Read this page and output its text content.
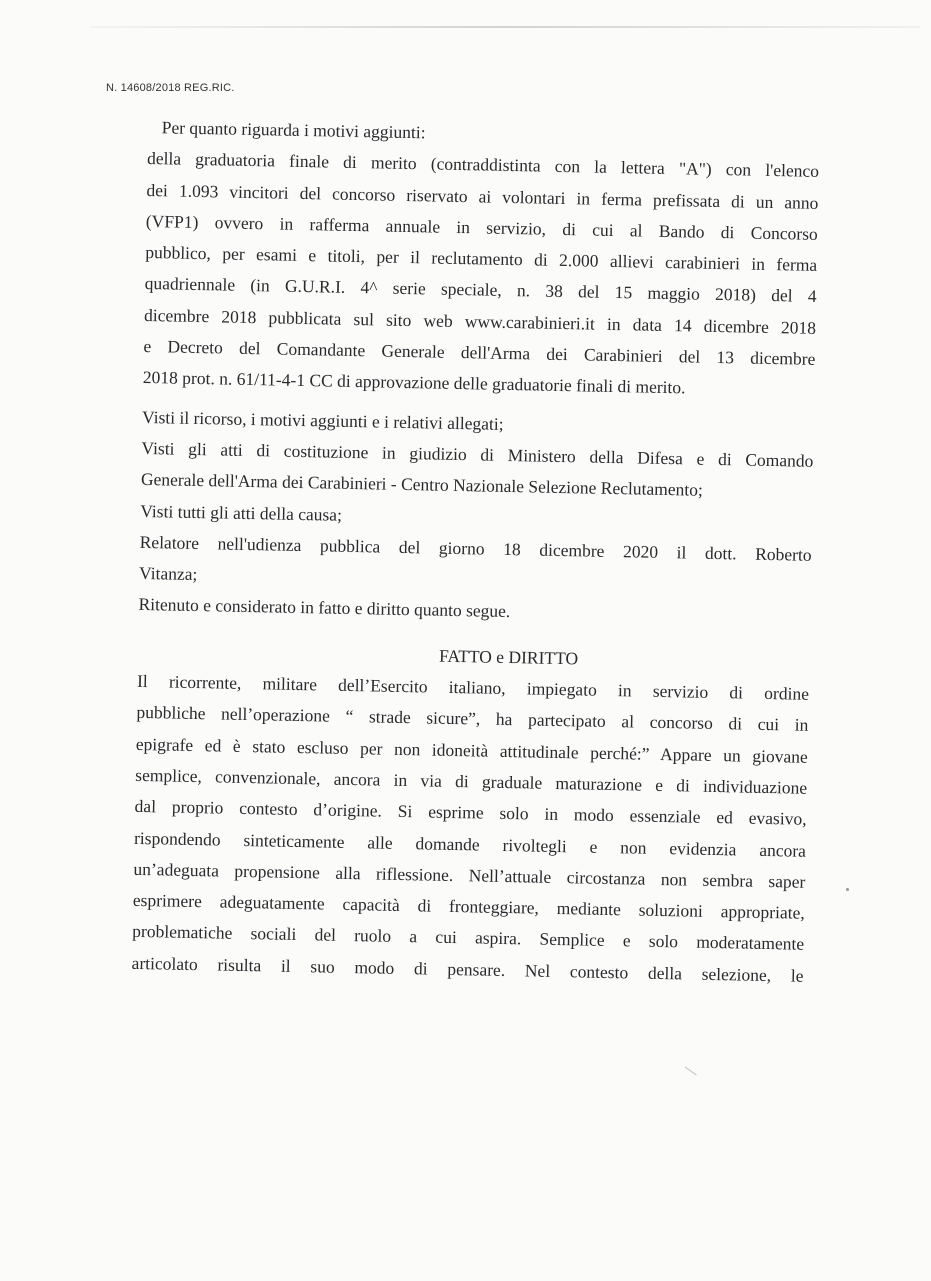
N. 14608/2018 REG.RIC.
Per quanto riguarda i motivi aggiunti:
della graduatoria finale di merito (contraddistinta con la lettera "A") con l'elenco
dei 1.093 vincitori del concorso riservato ai volontari in ferma prefissata di un anno
(VFP1) ovvero in rafferma annuale in servizio, di cui al Bando di Concorso
pubblico, per esami e titoli, per il reclutamento di 2.000 allievi carabinieri in ferma
quadriennale (in G.U.R.I. 4^ serie speciale, n. 38 del 15 maggio 2018) del 4
dicembre 2018 pubblicata sul sito web www.carabinieri.it in data 14 dicembre 2018
e Decreto del Comandante Generale dell'Arma dei Carabinieri del 13 dicembre
2018 prot. n. 61/11-4-1 CC di approvazione delle graduatorie finali di merito.
Visti il ricorso, i motivi aggiunti e i relativi allegati;
Visti gli atti di costituzione in giudizio di Ministero della Difesa e di Comando
Generale dell'Arma dei Carabinieri - Centro Nazionale Selezione Reclutamento;
Visti tutti gli atti della causa;
Relatore nell'udienza pubblica del giorno 18 dicembre 2020 il dott. Roberto
Vitanza;
Ritenuto e considerato in fatto e diritto quanto segue.
FATTO e DIRITTO
Il ricorrente, militare dell’Esercito italiano, impiegato in servizio di ordine
pubbliche nell’operazione “ strade sicure”, ha partecipato al concorso di cui in
epigrafe ed è stato escluso per non idoneità attitudinale perché:” Appare un giovane
semplice, convenzionale, ancora in via di graduale maturazione e di individuazione
dal proprio contesto d’origine. Si esprime solo in modo essenziale ed evasivo,
rispondendo sinteticamente alle domande rivoltegli e non evidenzia ancora
un’adeguata propensione alla riflessione. Nell’attuale circostanza non sembra saper
esprimere adeguatamente capacità di fronteggiare, mediante soluzioni appropriate,
problematiche sociali del ruolo a cui aspira. Semplice e solo moderatamente
articolato risulta il suo modo di pensare. Nel contesto della selezione, le
